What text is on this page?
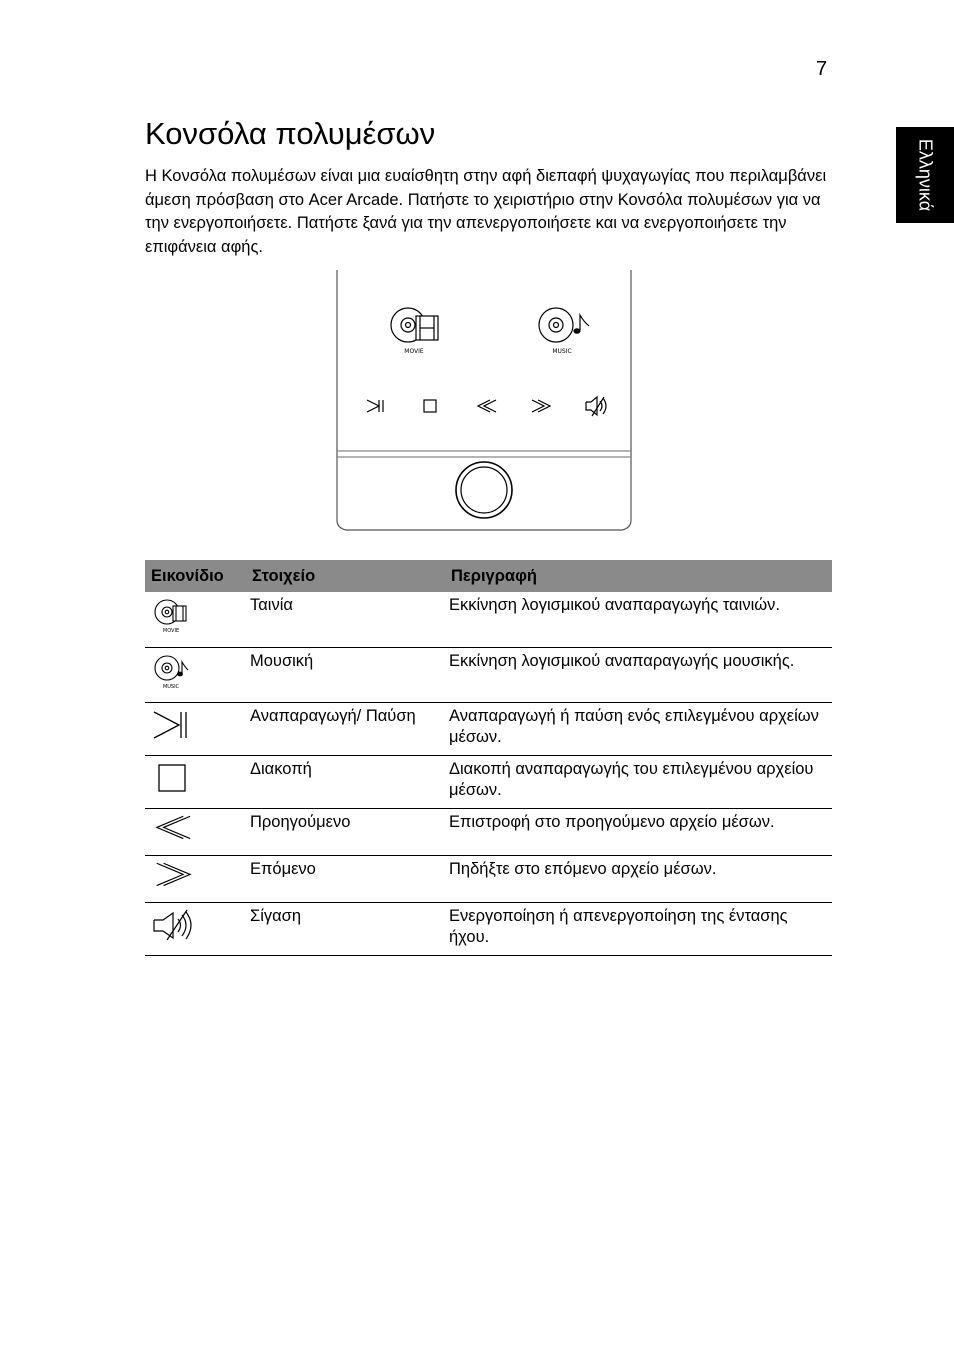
7
Ελληνικά
Κονσόλα πολυμέσων

Η Κονσόλα πολυμέσων είναι μια ευαίσθητη στην αφή διεπαφή ψυχαγωγίας που περιλαμβάνει άμεση πρόσβαση στο Acer Arcade. Πατήστε το χειριστήριο στην Κονσόλα πολυμέσων για να την ενεργοποιήσετε. Πατήστε ξανά για την απενεργοποιήσετε και να ενεργοποιήσετε την επιφάνεια αφής.

MOVIE	MUSIC
Εικονίδιο	Στοιχείο	Περιγραφή

MOVIE	Ταινία	Εκκίνηση λογισμικού αναπαραγωγής ταινιών.

MUSIC	Μουσική	Εκκίνηση λογισμικού αναπαραγωγής μουσικής.

	Αναπαραγωγή/ Παύση	Αναπαραγωγή ή παύση ενός επιλεγμένου αρχείων μέσων.

	Διακοπή	Διακοπή αναπαραγωγής του επιλεγμένου αρχείου μέσων.

	Προηγούμενο	Επιστροφή στο προηγούμενο αρχείο μέσων.

	Επόμενο	Πηδήξτε στο επόμενο αρχείο μέσων.

	Σίγαση	Ενεργοποίηση ή απενεργοποίηση της έντασης ήχου.
